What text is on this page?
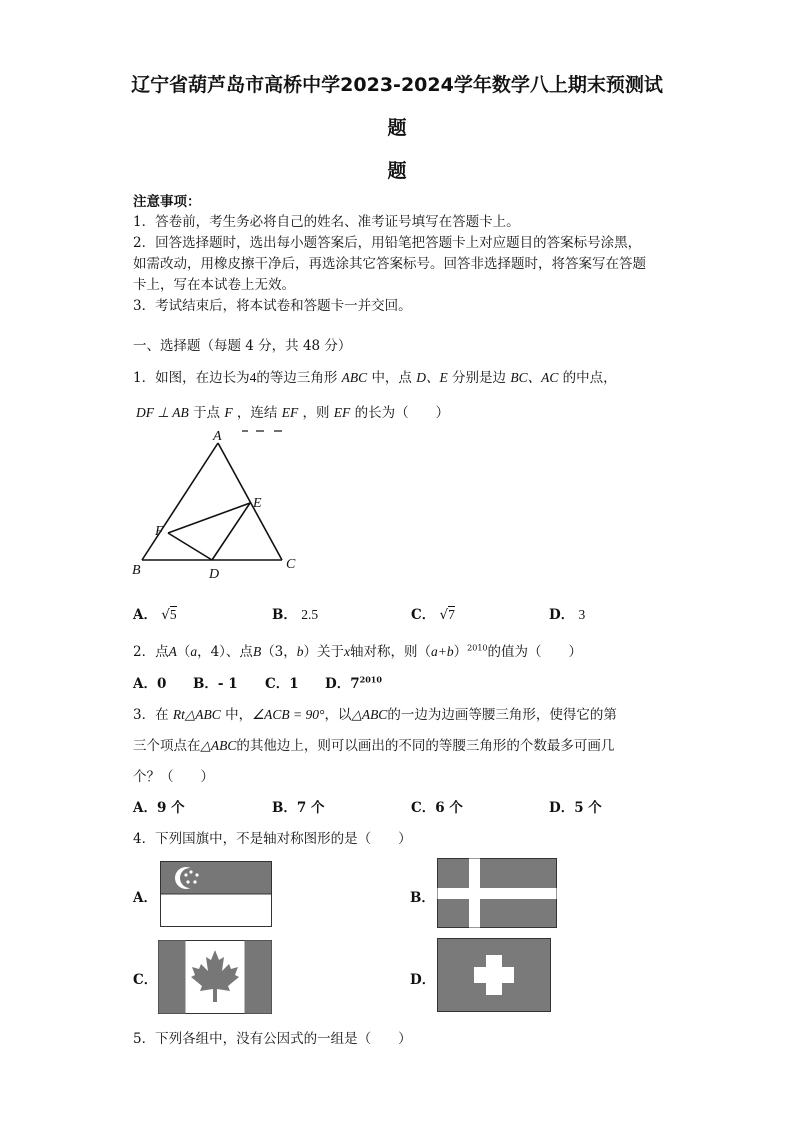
辽宁省葫芦岛市高桥中学2023-2024学年数学八上期末预测试
题
题
注意事项：
1．答卷前，考生务必将自己的姓名、准考证号填写在答题卡上。
2．回答选择题时，选出每小题答案后，用铅笔把答题卡上对应题目的答案标号涂黑，
如需改动，用橡皮擦干净后，再选涂其它答案标号。回答非选择题时，将答案写在答题
卡上，写在本试卷上无效。
3．考试结束后，将本试卷和答题卡一并交回。
一、选择题（每题 4 分，共 48 分）
1．如图，在边长为4的等边三角形 ABC 中，点 D、E 分别是边 BC、AC 的中点，
DF ⊥ AB 于点 F ，连结 EF ，则 EF 的长为（　　）
A
B	C
D
E
F
A． √5	B． 2.5	C． √7	D． 3
2．点A（a，4）、点B（3，b）关于x轴对称，则$(a+b)^{2010}$的值为（　　）
A．0 B．- 1 C．1 D．$7^{2010}$
3．在 Rt△ABC 中，∠ACB = 90°，以△ABC的一边为边画等腰三角形，使得它的第
三个项点在△ABC的其他边上，则可以画出的不同的等腰三角形的个数最多可画几
个？（　　）
A．9 个	B．7 个	C．6 个	D．5 个
4．下列国旗中，不是轴对称图形的是（　　）
A．	B．
C．	D．
5．下列各组中，没有公因式的一组是（　　）
